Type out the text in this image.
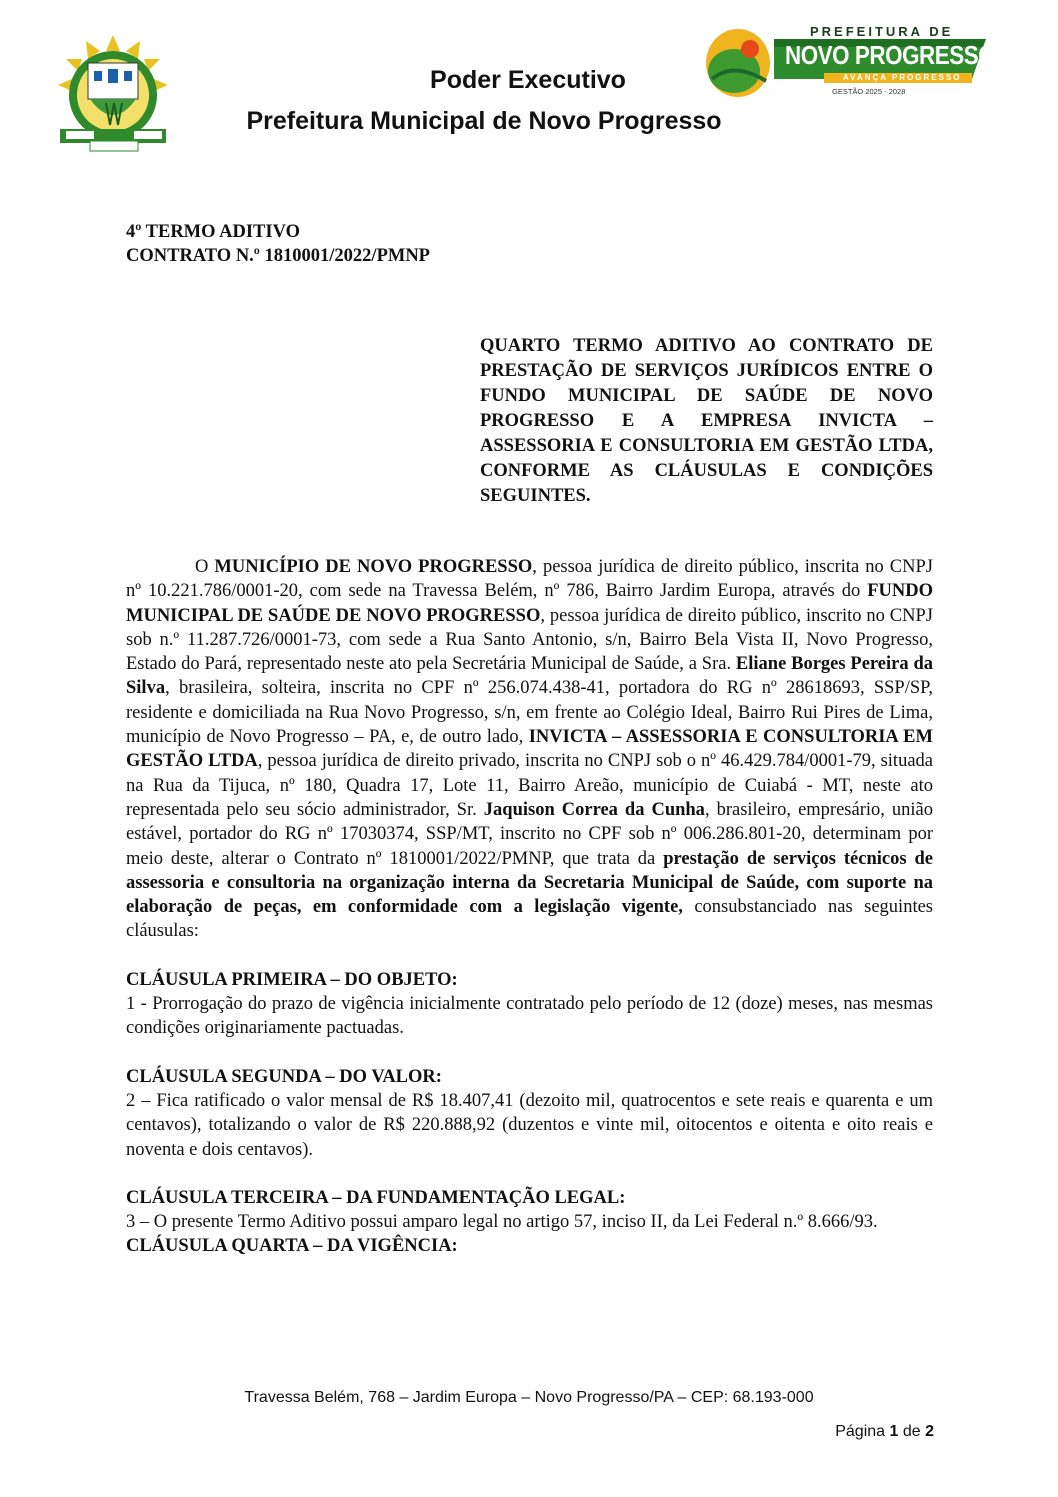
Poder Executivo
Prefeitura Municipal de Novo Progresso
PREFEITURA DE
NOVO PROGRESSO
AVANÇA PROGRESSO
GESTÃO 2025 - 2028
4º TERMO ADITIVO
CONTRATO N.º 1810001/2022/PMNP
QUARTO TERMO ADITIVO AO CONTRATO DE PRESTAÇÃO DE SERVIÇOS JURÍDICOS ENTRE O FUNDO MUNICIPAL DE SAÚDE DE NOVO PROGRESSO E A EMPRESA INVICTA – ASSESSORIA E CONSULTORIA EM GESTÃO LTDA, CONFORME AS CLÁUSULAS E CONDIÇÕES SEGUINTES.

O MUNICÍPIO DE NOVO PROGRESSO, pessoa jurídica de direito público, inscrita no CNPJ nº 10.221.786/0001-20, com sede na Travessa Belém, nº 786, Bairro Jardim Europa, através do FUNDO MUNICIPAL DE SAÚDE DE NOVO PROGRESSO, pessoa jurídica de direito público, inscrito no CNPJ sob n.º 11.287.726/0001-73, com sede a Rua Santo Antonio, s/n, Bairro Bela Vista II, Novo Progresso, Estado do Pará, representado neste ato pela Secretária Municipal de Saúde, a Sra. Eliane Borges Pereira da Silva, brasileira, solteira, inscrita no CPF nº 256.074.438-41, portadora do RG nº 28618693, SSP/SP, residente e domiciliada na Rua Novo Progresso, s/n, em frente ao Colégio Ideal, Bairro Rui Pires de Lima, município de Novo Progresso – PA, e, de outro lado, INVICTA – ASSESSORIA E CONSULTORIA EM GESTÃO LTDA, pessoa jurídica de direito privado, inscrita no CNPJ sob o nº 46.429.784/0001-79, situada na Rua da Tijuca, nº 180, Quadra 17, Lote 11, Bairro Areão, município de Cuiabá - MT, neste ato representada pelo seu sócio administrador, Sr. Jaquison Correa da Cunha, brasileiro, empresário, união estável, portador do RG nº 17030374, SSP/MT, inscrito no CPF sob nº 006.286.801-20, determinam por meio deste, alterar o Contrato nº 1810001/2022/PMNP, que trata da prestação de serviços técnicos de assessoria e consultoria na organização interna da Secretaria Municipal de Saúde, com suporte na elaboração de peças, em conformidade com a legislação vigente, consubstanciado nas seguintes cláusulas:

CLÁUSULA PRIMEIRA – DO OBJETO:

1 - Prorrogação do prazo de vigência inicialmente contratado pelo período de 12 (doze) meses, nas mesmas condições originariamente pactuadas.

CLÁUSULA SEGUNDA – DO VALOR:

2 – Fica ratificado o valor mensal de R$ 18.407,41 (dezoito mil, quatrocentos e sete reais e quarenta e um centavos), totalizando o valor de R$ 220.888,92 (duzentos e vinte mil, oitocentos e oitenta e oito reais e noventa e dois centavos).

CLÁUSULA TERCEIRA – DA FUNDAMENTAÇÃO LEGAL:

3 – O presente Termo Aditivo possui amparo legal no artigo 57, inciso II, da Lei Federal n.º 8.666/93.

CLÁUSULA QUARTA – DA VIGÊNCIA:

Travessa Belém, 768 – Jardim Europa – Novo Progresso/PA – CEP: 68.193-000
Página 1 de 2
